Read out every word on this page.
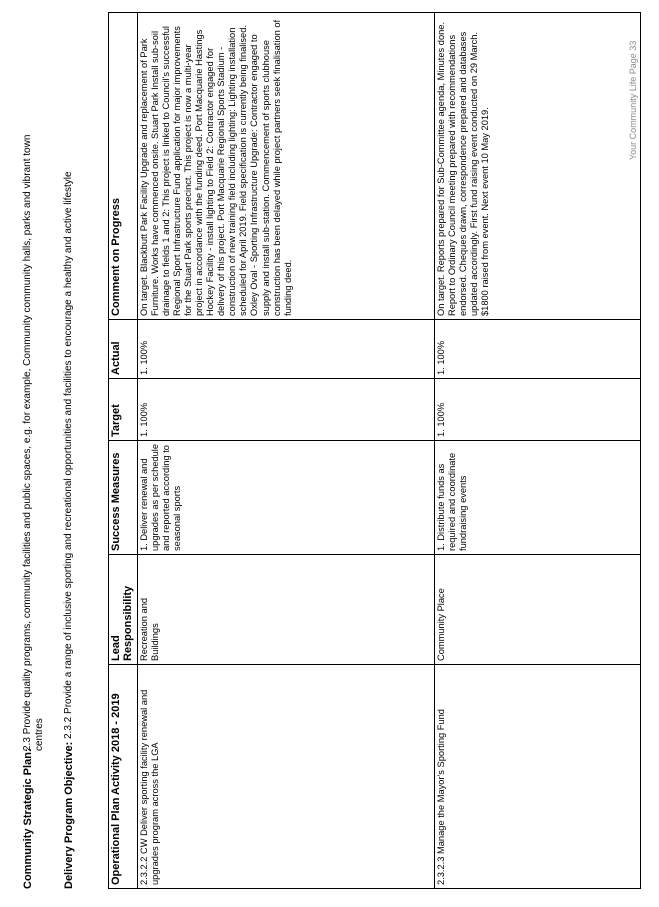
Community Strategic Plan:
2.3 Provide quality programs, community facilities and public spaces, e.g. for example, Community community halls, parks and vibrant town centres
Delivery Program Objective:
2.3.2 Provide a range of inclusive sporting and recreational opportunities and facilities to encourage a healthy and active lifestyle
Operational Plan Activity 2018 - 2019	Lead Responsibility	Success Measures	Target	Actual	Comment on Progress
2.3.2.2 CW Deliver sporting facility renewal and upgrades program across the LGA	Recreation and Buildings	1. Deliver renewal and upgrades as per schedule and reported according to seasonal sports	1. 100%	1. 100%	On target. Blackbutt Park Facility Upgrade and replacement of Park Furniture. Works have commenced onsite. Stuart Park Install sub-soil drainage to fields 1 and 2: This project is linked to Council's successful Regional Sport Infrastructure Fund application for major improvements for the Stuart Park sports precinct. This project is now a multi-year project in accordance with the funding deed. Port Macquarie Hastings Hockey Facility - install lighting to Field 2: Contractor engaged for delivery of this project. Port Macquarie Regional Sports Stadium - construction of new training field including lighting: Lighting installation scheduled for April 2019. Field specification is currently being finalised. Oxley Oval - Sporting Infrastructure Upgrade: Contractor engaged to supply and install sub-station. Commencement of sports clubhouse construction has been delayed while project partners seek finalisation of funding deed.
2.3.2.3 Manage the Mayor's Sporting Fund	Community Place	1. Distribute funds as required and coordinate fundraising events	1. 100%	1. 100%	On target. Reports prepared for Sub-Committee agenda, Minutes done. Report to Ordinary Council meeting prepared with recommendations endorsed. Cheques drawn, correspondence prepared and databases updated accordingly. First fund raising event conducted on 29 March. $1800 raised from event. Next event 10 May 2019.
Your Community Life Page 33
